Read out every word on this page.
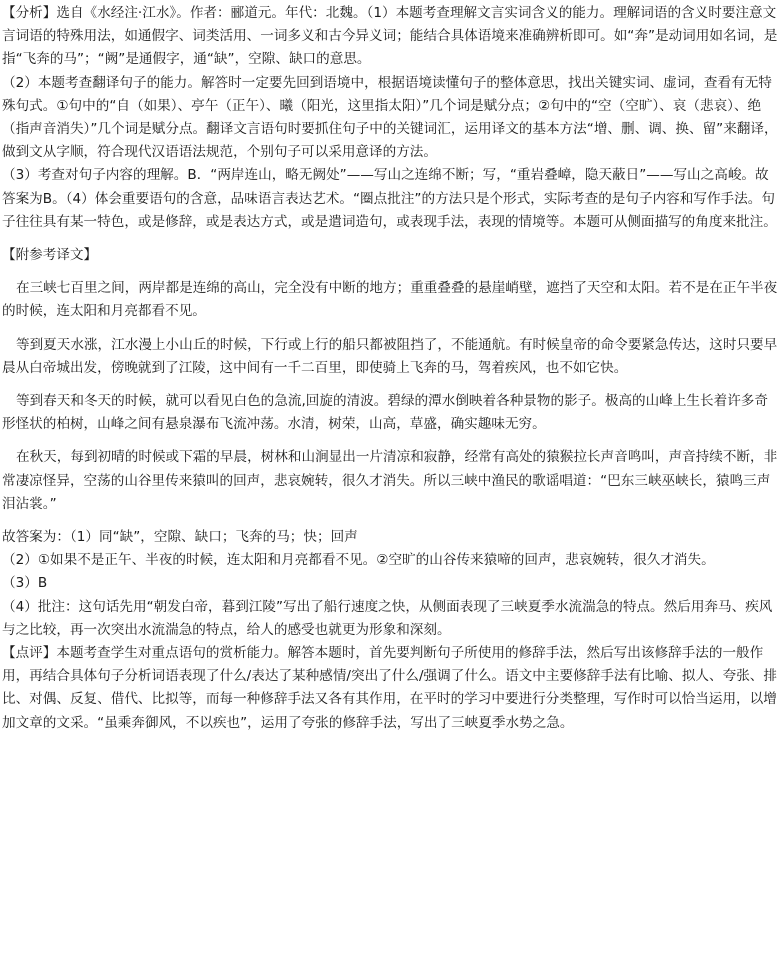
【分析】选自《水经注·江水》。作者：郦道元。年代：北魏。（1）本题考查理解文言实词含义的能力。理解词语的含义时要注意文言词语的特殊用法，如通假字、词类活用、一词多义和古今异义词；能结合具体语境来准确辨析即可。如“奔”是动词用如名词，是指“飞奔的马”；“阙”是通假字，通“缺”，空隙、缺口的意思。

（2）本题考查翻译句子的能力。解答时一定要先回到语境中，根据语境读懂句子的整体意思，找出关键实词、虚词，查看有无特殊句式。①句中的“自（如果）、亭午（正午）、曦（阳光，这里指太阳）”几个词是赋分点；②句中的“空（空旷）、哀（悲哀）、绝（指声音消失）”几个词是赋分点。翻译文言语句时要抓住句子中的关键词汇，运用译文的基本方法“增、删、调、换、留”来翻译，做到文从字顺，符合现代汉语语法规范，个别句子可以采用意译的方法。

（3）考查对句子内容的理解。B．“两岸连山，略无阙处”——写山之连绵不断；写，“重岩叠嶂，隐天蔽日”——写山之高峻。故答案为B。（4）体会重要语句的含意，品味语言表达艺术。“圈点批注”的方法只是个形式，实际考查的是句子内容和写作手法。句子往往具有某一特色，或是修辞，或是表达方式，或是遣词造句，或表现手法，表现的情境等。本题可从侧面描写的角度来批注。

【附参考译文】

在三峡七百里之间，两岸都是连绵的高山，完全没有中断的地方；重重叠叠的悬崖峭壁，遮挡了天空和太阳。若不是在正午半夜的时候，连太阳和月亮都看不见。

等到夏天水涨，江水漫上小山丘的时候，下行或上行的船只都被阻挡了，不能通航。有时候皇帝的命令要紧急传达，这时只要早晨从白帝城出发，傍晚就到了江陵，这中间有一千二百里，即使骑上飞奔的马，驾着疾风，也不如它快。

等到春天和冬天的时候，就可以看见白色的急流,回旋的清波。碧绿的潭水倒映着各种景物的影子。极高的山峰上生长着许多奇形怪状的柏树，山峰之间有悬泉瀑布飞流冲荡。水清，树荣，山高，草盛，确实趣味无穷。

在秋天，每到初晴的时候或下霜的早晨，树林和山涧显出一片清凉和寂静，经常有高处的猿猴拉长声音鸣叫，声音持续不断，非常凄凉怪异，空荡的山谷里传来猿叫的回声，悲哀婉转，很久才消失。所以三峡中渔民的歌谣唱道：“巴东三峡巫峡长，猿鸣三声泪沾裳。”

故答案为：（1）同“缺”，空隙、缺口；飞奔的马；快；回声

（2）①如果不是正午、半夜的时候，连太阳和月亮都看不见。②空旷的山谷传来猿啼的回声，悲哀婉转，很久才消失。

（3）B

（4）批注：这句话先用“朝发白帝，暮到江陵”写出了船行速度之快，从侧面表现了三峡夏季水流湍急的特点。然后用奔马、疾风与之比较，再一次突出水流湍急的特点，给人的感受也就更为形象和深刻。

【点评】本题考查学生对重点语句的赏析能力。解答本题时，首先要判断句子所使用的修辞手法，然后写出该修辞手法的一般作用，再结合具体句子分析词语表现了什么/表达了某种感情/突出了什么/强调了什么。语文中主要修辞手法有比喻、拟人、夸张、排比、对偶、反复、借代、比拟等，而每一种修辞手法又各有其作用，在平时的学习中要进行分类整理，写作时可以恰当运用，以增加文章的文采。“虽乘奔御风，不以疾也”，运用了夸张的修辞手法，写出了三峡夏季水势之急。
